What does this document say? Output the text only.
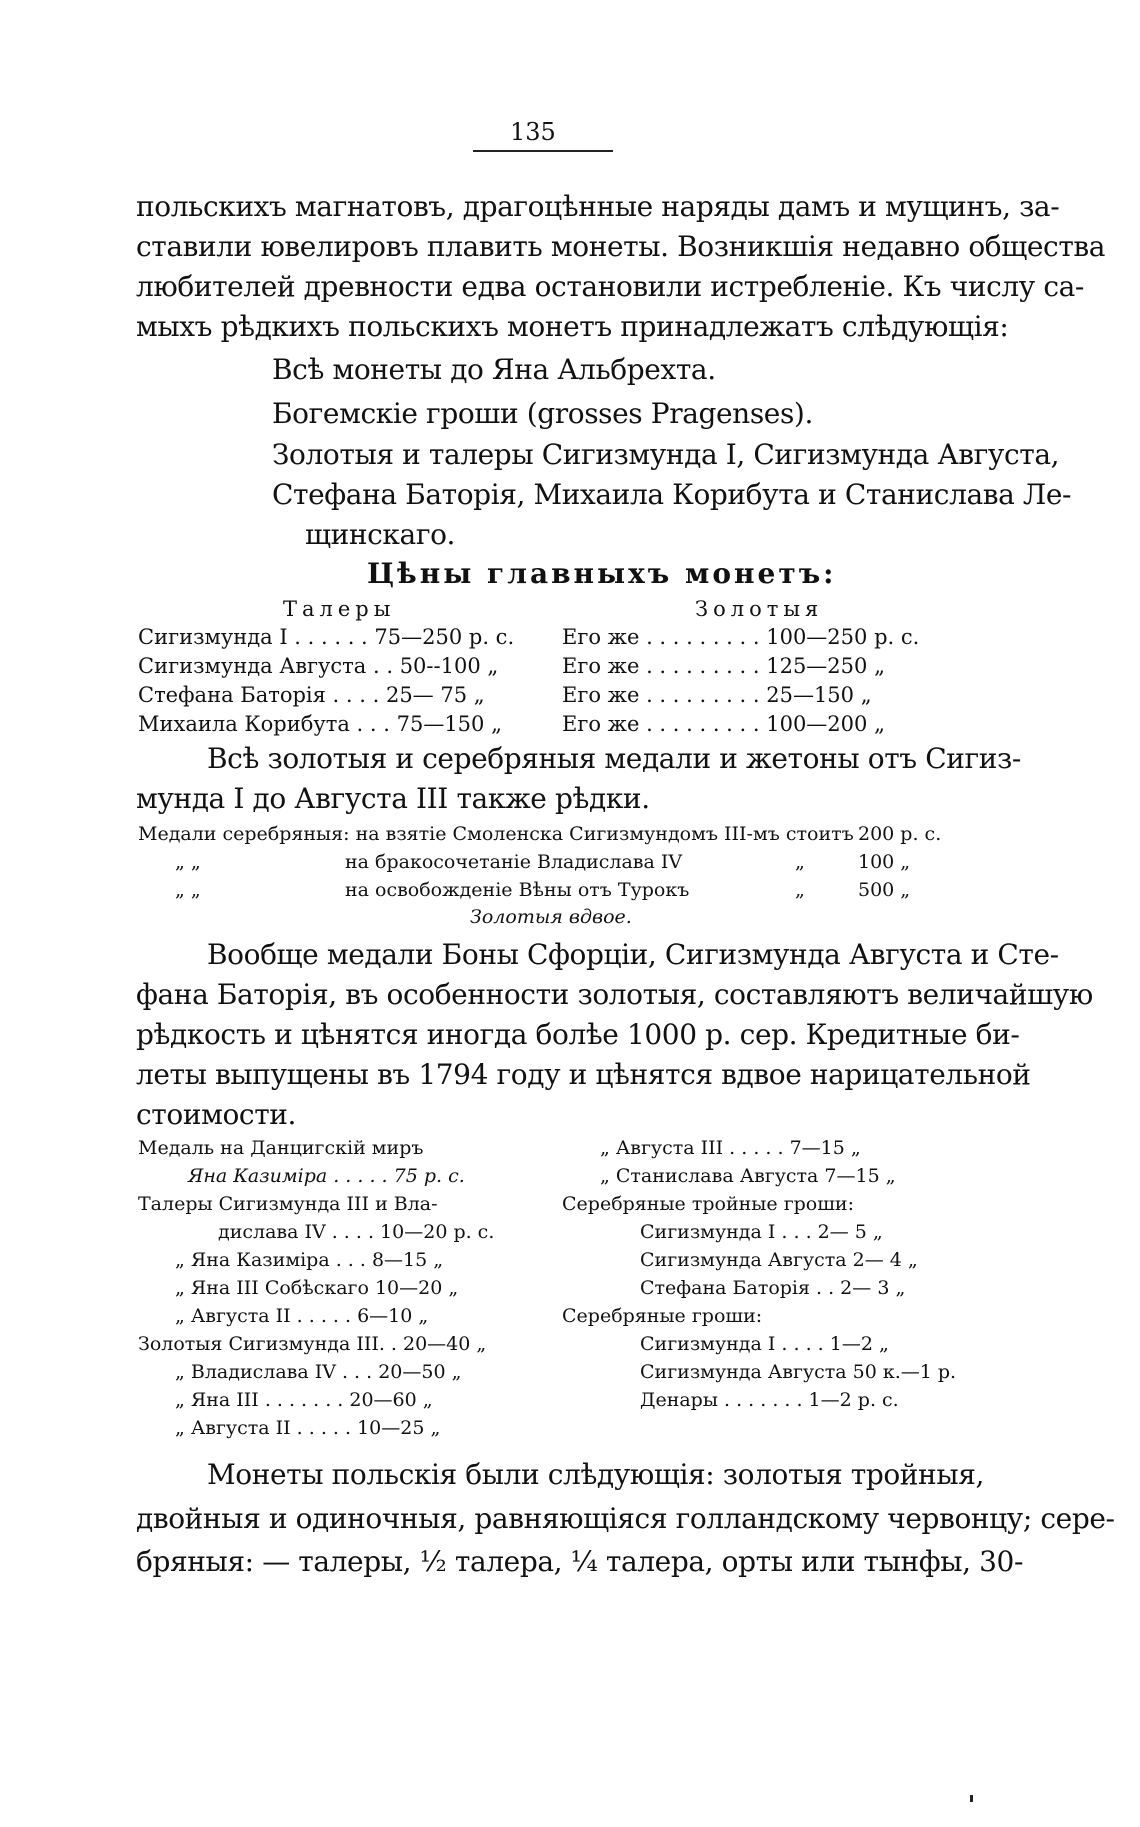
135
польскихъ магнатовъ, драгоцѣнные наряды дамъ и мущинъ, за-
ставили ювелировъ плавить монеты. Возникшія недавно общества
любителей древности едва остановили истребленіе. Къ числу са-
мыхъ рѣдкихъ польскихъ монетъ принадлежатъ слѣдующія:
Всѣ монеты до Яна Альбрехта.
Богемскіе гроши (grosses Pragenses).
Золотыя и талеры Сигизмунда I, Сигизмунда Августа,
Стефана Баторія, Михаила Корибута и Станислава Ле-
щинскаго.
Цѣны главныхъ монетъ:
Талеры	Золотыя
Сигизмунда I . . . . . . 75—250 р. с. Его же . . . . . . . . . 100—250 р. с.
Сигизмунда Августа . . 50--100 „	Его же . . . . . . . . . 125—250 „
Стефана Баторія . . . . 25— 75 „	Его же . . . . . . . . . 25—150 „
Михаила Корибута . . . 75—150 „	Его же . . . . . . . . . 100—200 „
Всѣ золотыя и серебряныя медали и жетоны отъ Сигиз-
мунда I до Августа III также рѣдки.
Медали серебряныя: на взятіе Смоленска Сигизмундомъ III-мъ стоитъ 200 р. с.
„ „	на бракосочетаніе Владислава IV	„	100 „
„ „	на освобожденіе Вѣны отъ Турокъ	„	500 „
Золотыя вдвое.
Вообще медали Боны Сфорціи, Сигизмунда Августа и Сте-
фана Баторія, въ особенности золотыя, составляютъ величайшую
рѣдкость и цѣнятся иногда болѣе 1000 р. сер. Кредитные би-
леты выпущены въ 1794 году и цѣнятся вдвое нарицательной
стоимости.
Медаль на Данцигскій миръ
Яна Казиміра . . . . . 75 р. с.
Талеры Сигизмунда III и Вла-
дислава IV . . . . 10—20 р. с.
„ Яна Казиміра . . . 8—15 „
„ Яна III Собѣскаго 10—20 „
„ Августа II . . . . . 6—10 „
Золотыя Сигизмунда III. . 20—40 „
„ Владислава IV . . . 20—50 „
„ Яна III . . . . . . . 20—60 „
„ Августа II . . . . . 10—25 „
„ Августа III . . . . . 7—15 „
„ Станислава Августа 7—15 „
Серебряные тройные гроши:
Сигизмунда I . . . 2— 5 „
Сигизмунда Августа 2— 4 „
Стефана Баторія . . 2— 3 „
Серебряные гроши:
Сигизмунда I . . . . 1—2 „
Сигизмунда Августа 50 к.—1 р.
Денары . . . . . . . 1—2 р. с.
Монеты польскія были слѣдующія: золотыя тройныя,
двойныя и одиночныя, равняющіяся голландскому червонцу; сере-
бряныя: — талеры, ½ талера, ¼ талера, орты или тынфы, 30-
